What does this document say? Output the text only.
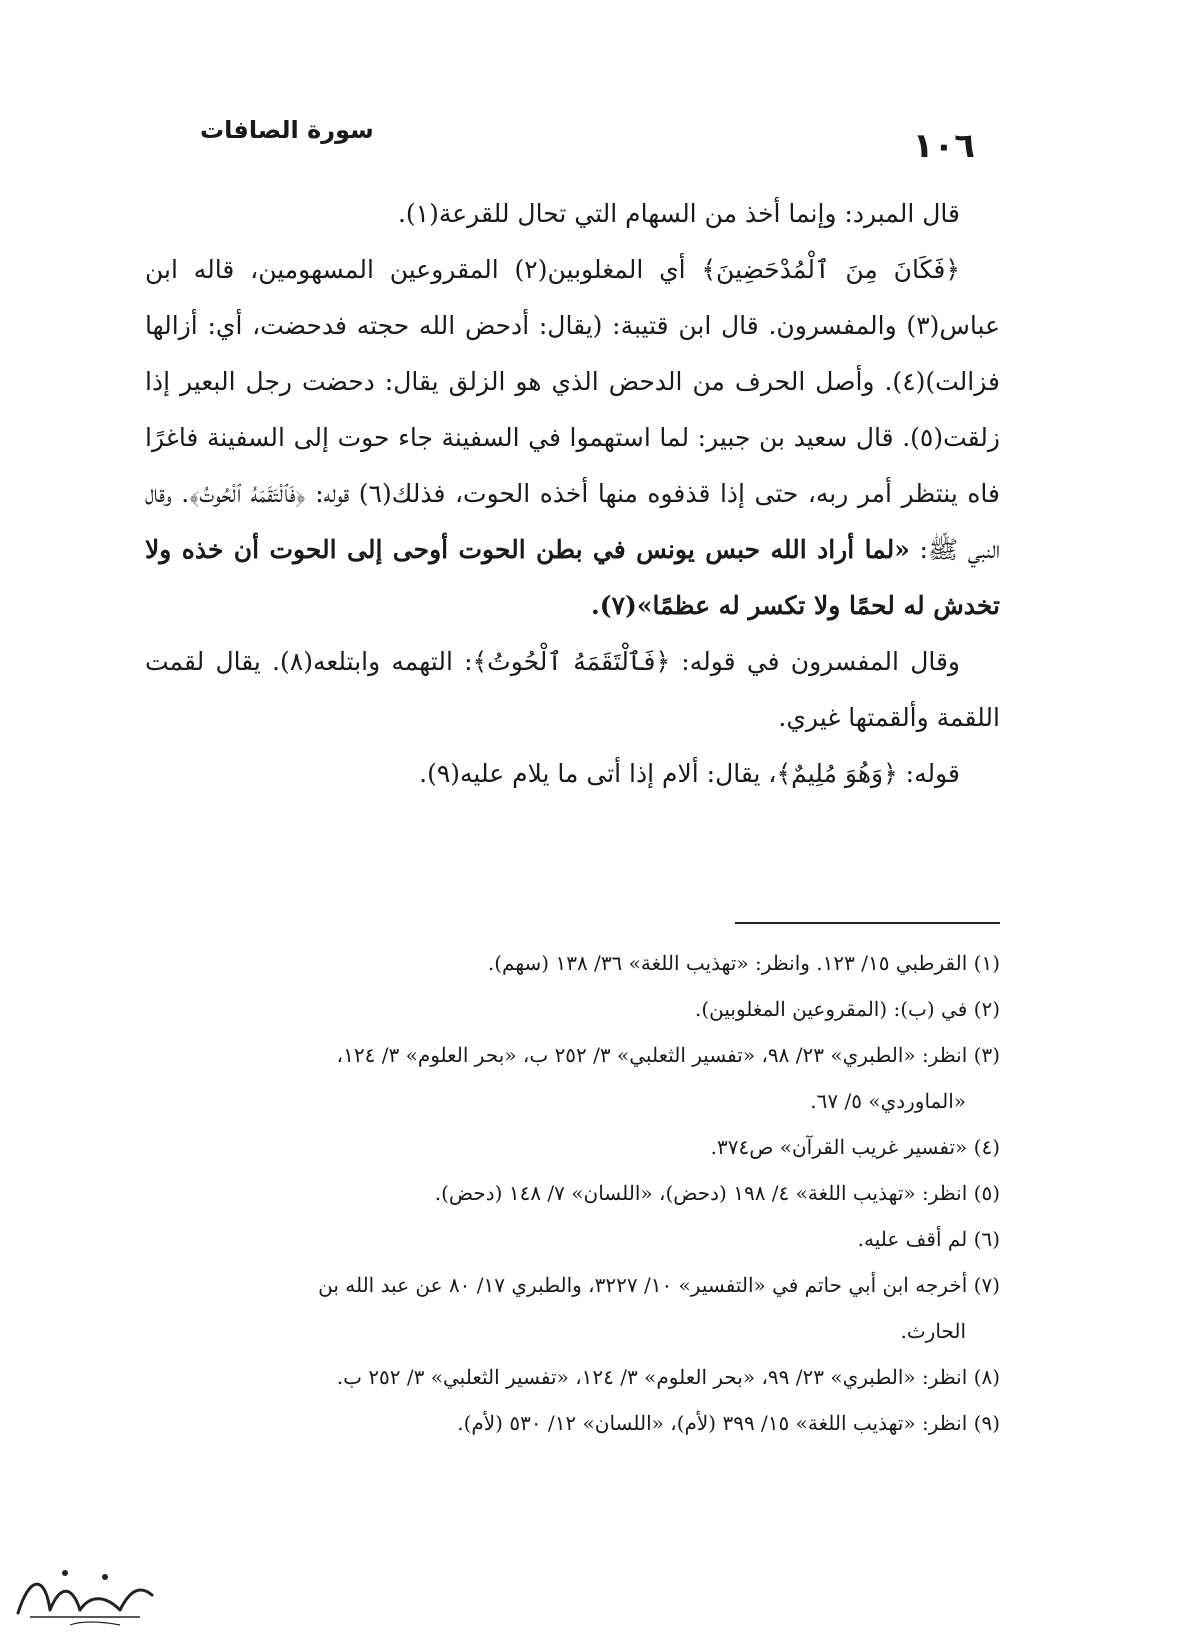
١٠٦
سورة الصافات

قال المبرد: وإنما أخذ من السهام التي تحال للقرعة(١).

﴿فَكَانَ مِنَ ٱلْمُدْحَضِينَ﴾ أي المغلوبين(٢) المقروعين المسهومين، قاله ابن عباس(٣) والمفسرون. قال ابن قتيبة: (يقال: أدحض الله حجته فدحضت، أي: أزالها فزالت)(٤). وأصل الحرف من الدحض الذي هو الزلق يقال: دحضت رجل البعير إذا زلقت(٥). قال سعيد بن جبير: لما استهموا في السفينة جاء حوت إلى السفينة فاغرًا فاه ينتظر أمر ربه، حتى إذا قذفوه منها أخذه الحوت، فذلك(٦) قوله: ﴿فَٱلْتَقَمَهُ ٱلْحُوتُ﴾. وقال النبي ﷺ: «لما أراد الله حبس يونس في بطن الحوت أوحى إلى الحوت أن خذه ولا تخدش له لحمًا ولا تكسر له عظمًا»(٧).

وقال المفسرون في قوله: ﴿فَٱلْتَقَمَهُ ٱلْحُوتُ﴾: التهمه وابتلعه(٨). يقال لقمت اللقمة وألقمتها غيري.

قوله: ﴿وَهُوَ مُلِيمٌ﴾، يقال: ألام إذا أتى ما يلام عليه(٩).

(١) القرطبي ١٥/ ١٢٣. وانظر: «تهذيب اللغة» ٣٦/ ١٣٨ (سهم).

(٢) في (ب): (المقروعين المغلوبين).

(٣) انظر: «الطبري» ٢٣/ ٩٨، «تفسير الثعلبي» ٣/ ٢٥٢ ب، «بحر العلوم» ٣/ ١٢٤،

«الماوردي» ٥/ ٦٧.

(٤) «تفسير غريب القرآن» ص٣٧٤.

(٥) انظر: «تهذيب اللغة» ٤/ ١٩٨ (دحض)، «اللسان» ٧/ ١٤٨ (دحض).

(٦) لم أقف عليه.

(٧) أخرجه ابن أبي حاتم في «التفسير» ١٠/ ٣٢٢٧، والطبري ١٧/ ٨٠ عن عبد الله بن

الحارث.

(٨) انظر: «الطبري» ٢٣/ ٩٩، «بحر العلوم» ٣/ ١٢٤، «تفسير الثعلبي» ٣/ ٢٥٢ ب.

(٩) انظر: «تهذيب اللغة» ١٥/ ٣٩٩ (لأم)، «اللسان» ١٢/ ٥٣٠ (لأم).
